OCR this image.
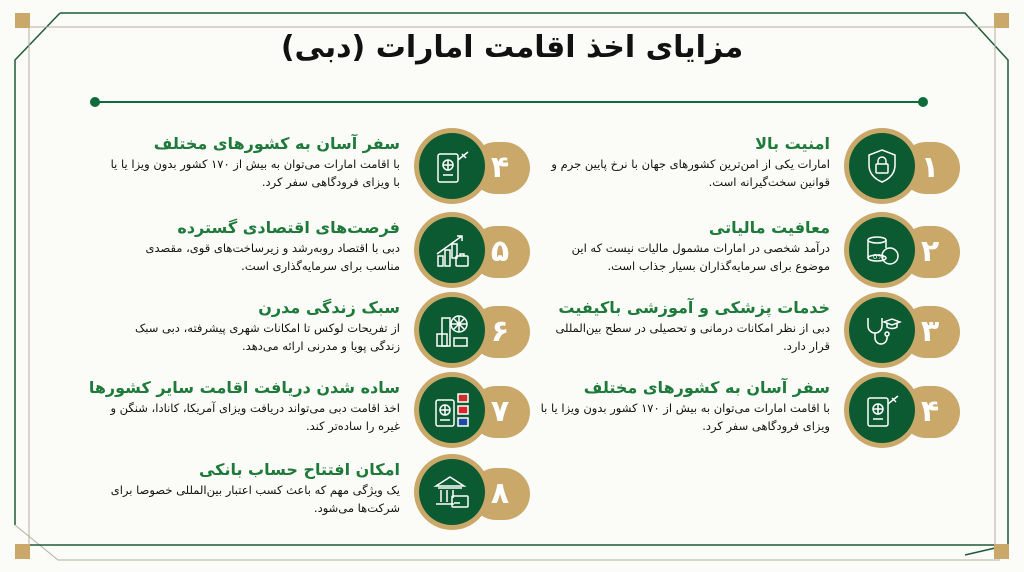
مزایای اخذ اقامت امارات (دبی)
۱

امنیت بالا

امارات یکی از امن‌ترین کشورهای جهان با نرخ پایین جرم و قوانین سخت‌گیرانه است.

۲
0%

معافیت مالیاتی

درآمد شخصی در امارات مشمول مالیات نیست که این موضوع برای سرمایه‌گذاران بسیار جذاب است.

۳

خدمات پزشکی و آموزشی باکیفیت

دبی از نظر امکانات درمانی و تحصیلی در سطح بین‌المللی قرار دارد.

۴

سفر آسان به کشورهای مختلف

با اقامت امارات می‌توان به بیش از ۱۷۰ کشور بدون ویزا یا با ویزای فرودگاهی سفر کرد.

۴

سفر آسان به کشورهای مختلف

با اقامت امارات می‌توان به بیش از ۱۷۰ کشور بدون ویزا یا یا با ویزای فرودگاهی سفر کرد.

۵

فرصت‌های اقتصادی گسترده

دبی با اقتصاد روبه‌رشد و زیرساخت‌های قوی، مقصدی مناسب برای سرمایه‌گذاری است.

۶

سبک زندگی مدرن

از تفریحات لوکس تا امکانات شهری پیشرفته، دبی سبک زندگی پویا و مدرنی ارائه می‌دهد.

۷

ساده شدن دریافت اقامت سایر کشورها

اخذ اقامت دبی می‌تواند دریافت ویزای آمریکا، کانادا، شنگن و غیره را ساده‌تر کند.

۸

امکان افتتاح حساب بانکی

یک ویژگی مهم که باعث کسب اعتبار بین‌المللی خصوصا برای شرکت‌ها می‌شود.
